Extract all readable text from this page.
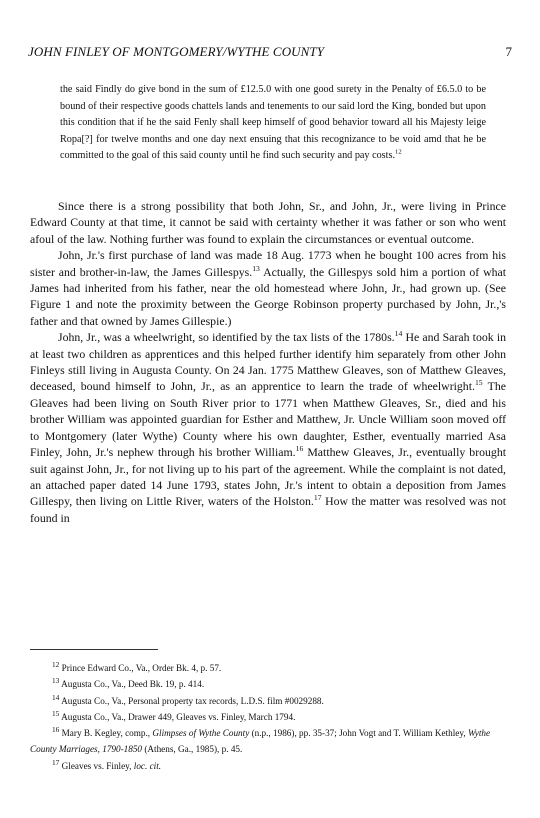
JOHN FINLEY OF MONTGOMERY/WYTHE COUNTY	7

the said Findly do give bond in the sum of £12.5.0 with one good surety in the Penalty of £6.5.0 to be bound of their respective goods chattels lands and tenements to our said lord the King, bonded but upon this condition that if he the said Fenly shall keep himself of good behavior toward all his Majesty leige Ropa[?] for twelve months and one day next ensuing that this recognizance to be void amd that he be committed to the goal of this said county until he find such security and pay costs.$^{12}$

Since there is a strong possibility that both John, Sr., and John, Jr., were living in Prince Edward County at that time, it cannot be said with certainty whether it was father or son who went afoul of the law. Nothing further was found to explain the circumstances or eventual outcome.

John, Jr.'s first purchase of land was made 18 Aug. 1773 when he bought 100 acres from his sister and brother-in-law, the James Gillespys.$^{13}$ Actually, the Gillespys sold him a portion of what James had inherited from his father, near the old homestead where John, Jr., had grown up. (See Figure 1 and note the proximity between the George Robinson property purchased by John, Jr.,'s father and that owned by James Gillespie.)

John, Jr., was a wheelwright, so identified by the tax lists of the 1780s.$^{14}$ He and Sarah took in at least two children as apprentices and this helped further identify him separately from other John Finleys still living in Augusta County. On 24 Jan. 1775 Matthew Gleaves, son of Matthew Gleaves, deceased, bound himself to John, Jr., as an apprentice to learn the trade of wheelwright.$^{15}$ The Gleaves had been living on South River prior to 1771 when Matthew Gleaves, Sr., died and his brother William was appointed guardian for Esther and Matthew, Jr. Uncle William soon moved off to Montgomery (later Wythe) County where his own daughter, Esther, eventually married Asa Finley, John, Jr.'s nephew through his brother William.$^{16}$ Matthew Gleaves, Jr., eventually brought suit against John, Jr., for not living up to his part of the agreement. While the complaint is not dated, an attached paper dated 14 June 1793, states John, Jr.'s intent to obtain a deposition from James Gillespy, then living on Little River, waters of the Holston.$^{17}$ How the matter was resolved was not found in

$^{12}$ Prince Edward Co., Va., Order Bk. 4, p. 57.

$^{13}$ Augusta Co., Va., Deed Bk. 19, p. 414.

$^{14}$ Augusta Co., Va., Personal property tax records, L.D.S. film #0029288.

$^{15}$ Augusta Co., Va., Drawer 449, Gleaves vs. Finley, March 1794.

$^{16}$ Mary B. Kegley, comp., Glimpses of Wythe County (n.p., 1986), pp. 35-37; John Vogt and T. William Kethley, Wythe County Marriages, 1790-1850 (Athens, Ga., 1985), p. 45.

$^{17}$ Gleaves vs. Finley, loc. cit.
